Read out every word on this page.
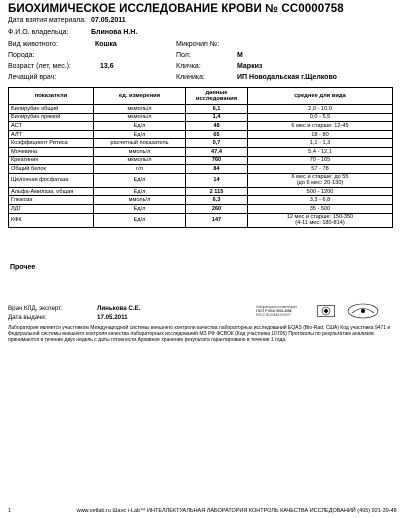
БИОХИМИЧЕСКОЕ ИССЛЕДОВАНИЕ КРОВИ № CC0000758
Дата взятия материала: 07.05.2011
Ф.И.О. владельца:	Блинова Н.Н.
Вид животного:	Кошка	Микрочип №:
Порода:	Пол:	М
Возраст (лет, мес.):	13,6	Кличка:	Маркиз
Лечащий врач:	Клиника:	ИП Новодальская г.Щелково
показатели	ед. измерения	данные исследования	среднее для вида
Билирубин общий	мкмоль/л	6,1	2,0 - 10,0
Билирубин прямой	мкмоль/л	1,4	0,0 - 5,5
АСТ	Ед/л	48	6 мес и старше: 12-45
АЛТ	Ед/л	65	18 - 80
Коэффициент Ритиса	расчетный показатель	0,7	1,1 - 1,3
Мочевина	ммоль/л	47,4	5,4 - 12,1
Креатинин	мкмоль/л	760	70 - 165
Общий белок	г/л	84	57 - 78
Щелочная фосфатаза	Ед/л	14	6 мес и старше: до 55
(до 6 мес: 20-130)
Альфа-Амилаза, общая	Ед/л	2 115	500 - 1200
Глюкоза	ммоль/л	6,3	3,3 - 6,8
ЛДГ	Ед/л	260	35 - 500
КФК	Ед/л	147	12 мес и старше: 150-350
(4-11 мес: 180-814)
Прочее
Врач КЛД, эксперт:	Линькова С.Е.
Дата выдачи:	17.05.2011
Лаборатория соответствует
ГОСТ Р ИСО 9001-2008
РОСС RU.ИК46.K00077
Лаборатория является участником Международной системы внешнего контроля качества лабораторных исследований EQAS (Bio-Rad, США) Код участника 9471 и Федеральной системы внешнего контроля качества лабораторных исследований МЗ РФ ФСВОК (Код участника 10705) Протоколы по результатам анализов принимаются в течение двух недель с даты готовности.Архивное хранение результата гарантировано в течение 1 года.
1	www.vetlab.ru Шанс i-Lab™ ИНТЕЛЛЕКТУАЛЬНАЯ ЛАБОРАТОРИЯ КОНТРОЛЬ КАЧЕСТВА ИССЛЕДОВАНИЙ (495) 921-39-48
